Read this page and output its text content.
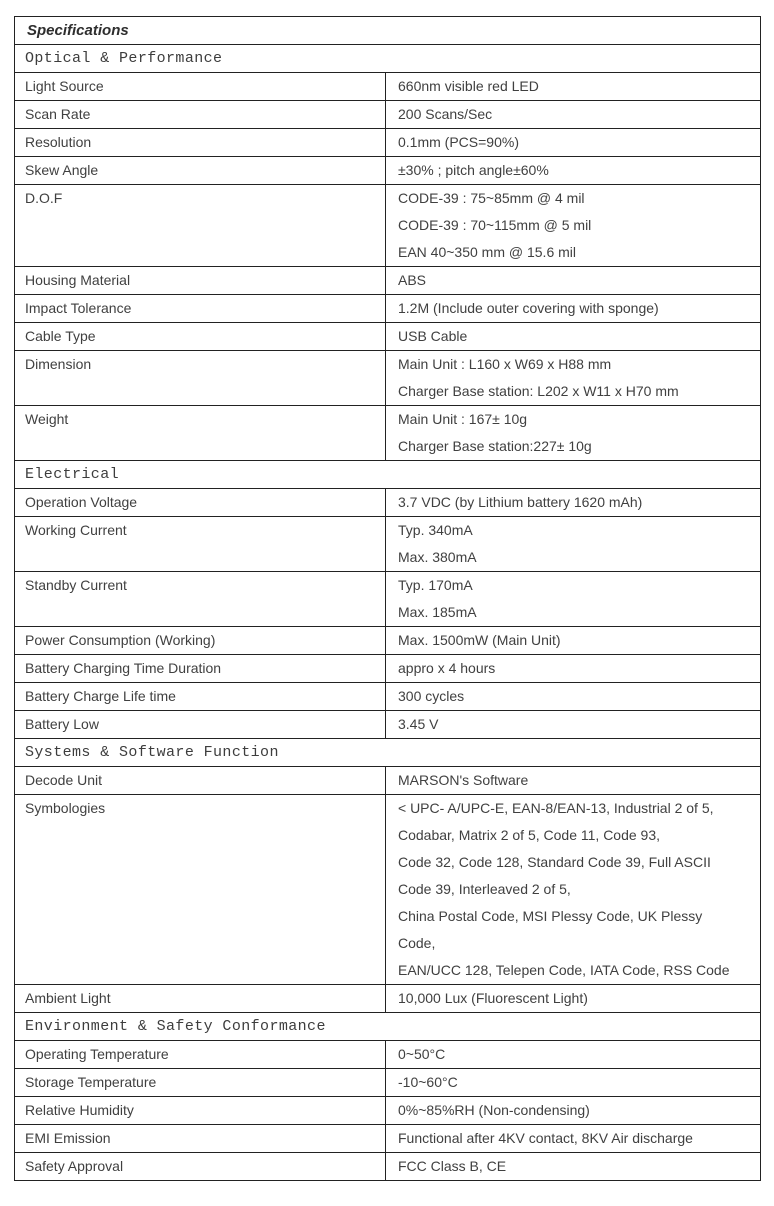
Specifications
Optical & Performance
Light Source	660nm visible red LED
Scan Rate	200 Scans/Sec
Resolution	0.1mm (PCS=90%)
Skew Angle	±30% ; pitch angle±60%
D.O.F	CODE-39 : 75~85mm @ 4 mil
CODE-39 : 70~115mm @ 5 mil
EAN 40~350 mm @ 15.6 mil
Housing Material	ABS
Impact Tolerance	1.2M (Include outer covering with sponge)
Cable Type	USB Cable
Dimension	Main Unit : L160 x W69 x H88 mm
Charger Base station: L202 x W11 x H70 mm
Weight	Main Unit : 167± 10g
Charger Base station:227± 10g
Electrical
Operation Voltage	3.7 VDC (by Lithium battery 1620 mAh)
Working Current	Typ. 340mA
Max. 380mA
Standby Current	Typ. 170mA
Max. 185mA
Power Consumption (Working)	Max. 1500mW (Main Unit)
Battery Charging Time Duration	appro x 4 hours
Battery Charge Life time	300 cycles
Battery Low	3.45 V
Systems & Software Function
Decode Unit	MARSON's Software
Symbologies	< UPC- A/UPC-E, EAN-8/EAN-13, Industrial 2 of 5,
Codabar, Matrix 2 of 5, Code 11, Code 93,
Code 32, Code 128, Standard Code 39, Full ASCII
Code 39, Interleaved 2 of 5,
China Postal Code, MSI Plessy Code, UK Plessy
Code,
EAN/UCC 128, Telepen Code, IATA Code, RSS Code
Ambient Light	10,000 Lux (Fluorescent Light)
Environment & Safety Conformance
Operating Temperature	0~50°C
Storage Temperature	-10~60°C
Relative Humidity	0%~85%RH (Non-condensing)
EMI Emission	Functional after 4KV contact, 8KV Air discharge
Safety Approval	FCC Class B, CE
